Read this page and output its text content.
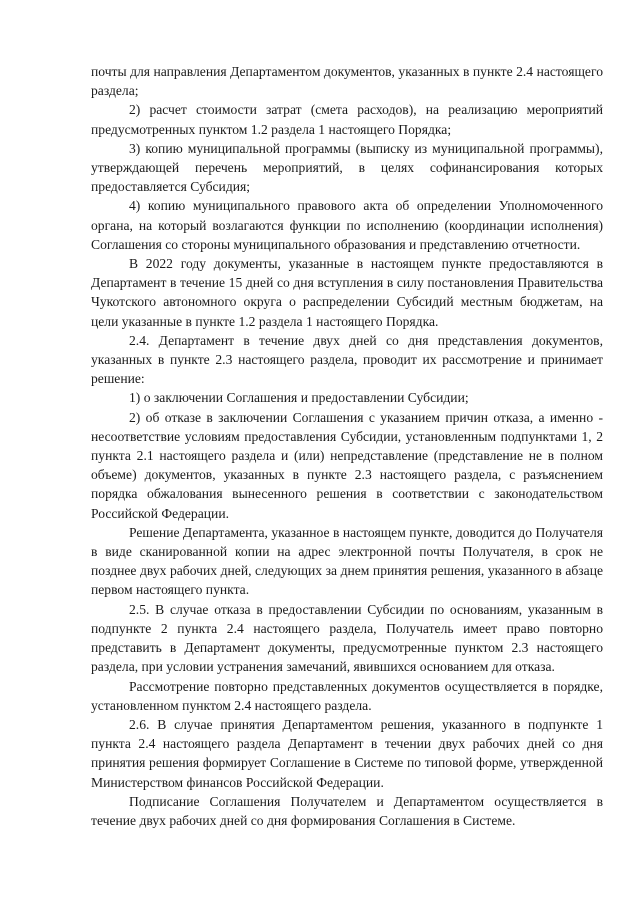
почты для направления Департаментом документов, указанных в пункте 2.4 настоящего раздела;

2) расчет стоимости затрат (смета расходов), на реализацию мероприятий предусмотренных пунктом 1.2 раздела 1 настоящего Порядка;

3) копию муниципальной программы (выписку из муниципальной программы), утверждающей перечень мероприятий, в целях софинансирования которых предоставляется Субсидия;

4) копию муниципального правового акта об определении Уполномоченного органа, на который возлагаются функции по исполнению (координации исполнения) Соглашения со стороны муниципального образования и представлению отчетности.

В 2022 году документы, указанные в настоящем пункте предоставляются в Департамент в течение 15 дней со дня вступления в силу постановления Правительства Чукотского автономного округа о распределении Субсидий местным бюджетам, на цели указанные в пункте 1.2 раздела 1 настоящего Порядка.

2.4. Департамент в течение двух дней со дня представления документов, указанных в пункте 2.3 настоящего раздела, проводит их рассмотрение и принимает решение:

1) о заключении Соглашения и предоставлении Субсидии;

2) об отказе в заключении Соглашения с указанием причин отказа, а именно - несоответствие условиям предоставления Субсидии, установленным подпунктами 1, 2 пункта 2.1 настоящего раздела и (или) непредставление (представление не в полном объеме) документов, указанных в пункте 2.3 настоящего раздела, с разъяснением порядка обжалования вынесенного решения в соответствии с законодательством Российской Федерации.

Решение Департамента, указанное в настоящем пункте, доводится до Получателя в виде сканированной копии на адрес электронной почты Получателя, в срок не позднее двух рабочих дней, следующих за днем принятия решения, указанного в абзаце первом настоящего пункта.

2.5. В случае отказа в предоставлении Субсидии по основаниям, указанным в подпункте 2 пункта 2.4 настоящего раздела, Получатель имеет право повторно представить в Департамент документы, предусмотренные пунктом 2.3 настоящего раздела, при условии устранения замечаний, явившихся основанием для отказа.

Рассмотрение повторно представленных документов осуществляется в порядке, установленном пунктом 2.4 настоящего раздела.

2.6. В случае принятия Департаментом решения, указанного в подпункте 1 пункта 2.4 настоящего раздела Департамент в течении двух рабочих дней со дня принятия решения формирует Соглашение в Системе по типовой форме, утвержденной Министерством финансов Российской Федерации.

Подписание Соглашения Получателем и Департаментом осуществляется в течение двух рабочих дней со дня формирования Соглашения в Системе.
